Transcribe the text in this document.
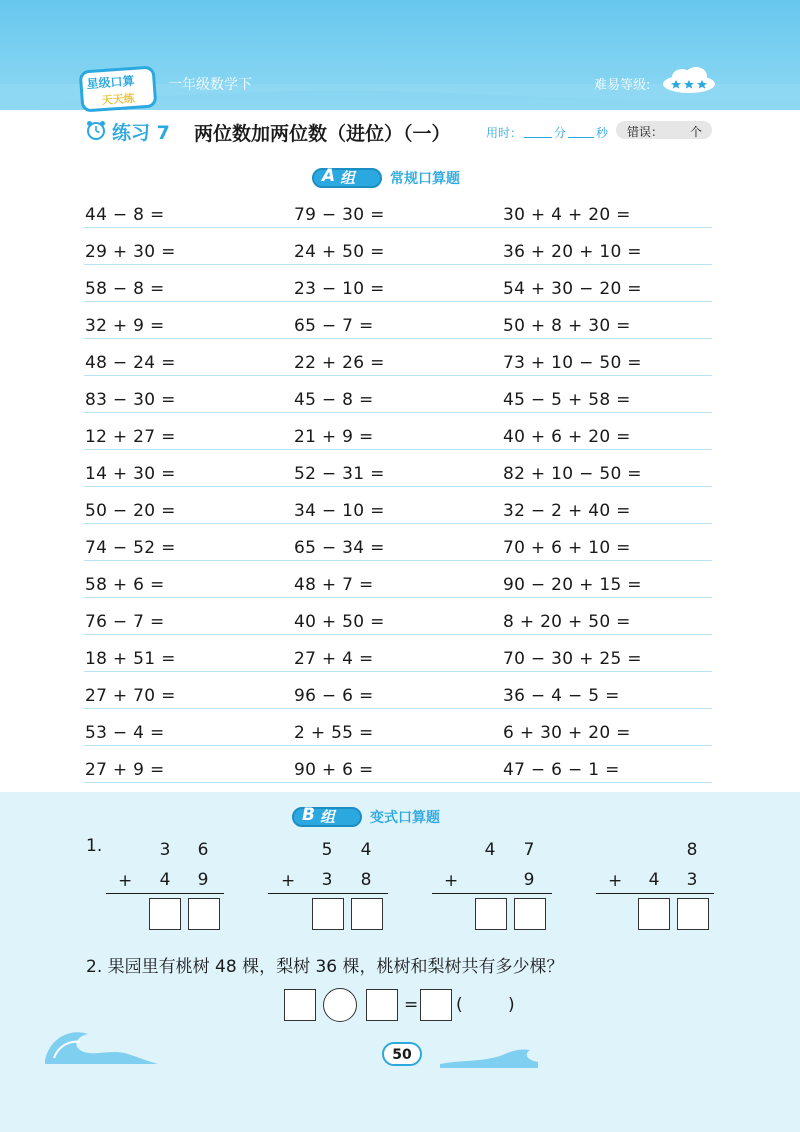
星级口算
天天练
一年级数学下	难易等级:
练习 7 两位数加两位数（进位）（一）	用时：	分 秒 错误： 个
A 组 常规口算题
44 − 8 =	79 − 30 =	30 + 4 + 20 =
29 + 30 =	24 + 50 =	36 + 20 + 10 =
58 − 8 =	23 − 10 =	54 + 30 − 20 =
32 + 9 =	65 − 7 =	50 + 8 + 30 =
48 − 24 =	22 + 26 =	73 + 10 − 50 =
83 − 30 =	45 − 8 =	45 − 5 + 58 =
12 + 27 =	21 + 9 =	40 + 6 + 20 =
14 + 30 =	52 − 31 =	82 + 10 − 50 =
50 − 20 =	34 − 10 =	32 − 2 + 40 =
74 − 52 =	65 − 34 =	70 + 6 + 10 =
58 + 6 =	48 + 7 =	90 − 20 + 15 =
76 − 7 =	40 + 50 =	8 + 20 + 50 =
18 + 51 =	27 + 4 =	70 − 30 + 25 =
27 + 70 =	96 − 6 =	36 − 4 − 5 =
53 − 4 =	2 + 55 =	6 + 30 + 20 =
27 + 9 =	90 + 6 =	47 − 6 − 1 =
B 组 变式口算题
1.	3 6
+ 4 9
5 4
+ 3 8
4 7
+	9
8
+ 4 3
2. 果园里有桃树 48 棵，梨树 36 棵，桃树和梨树共有多少棵？
= (	)
50
